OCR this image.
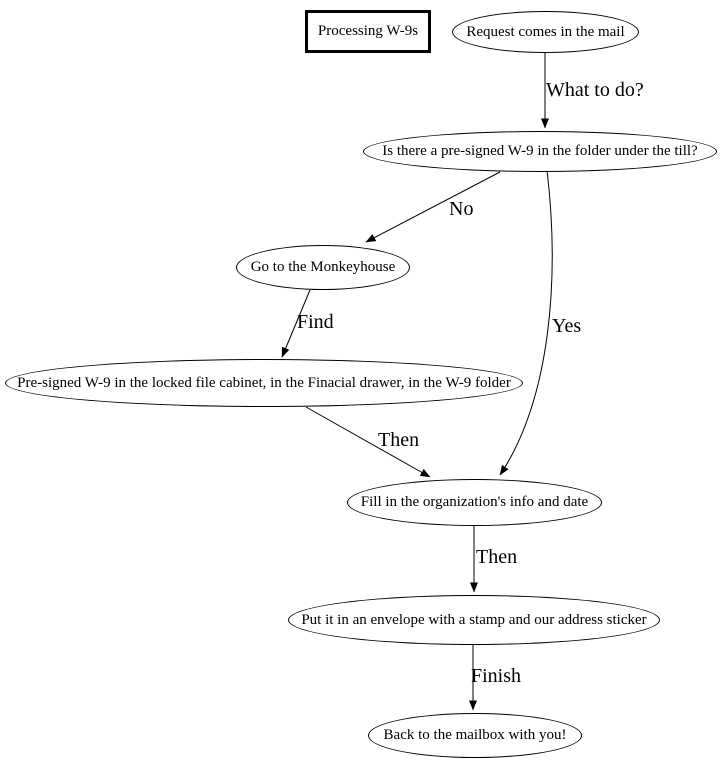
Processing W-9s	Request comes in the mail
Is there a pre-signed W-9 in the folder under the till?
Go to the Monkeyhouse
Pre-signed W-9 in the locked file cabinet, in the Finacial drawer, in the W-9 folder
Fill in the organization's info and date
Put it in an envelope with a stamp and our address sticker
Back to the mailbox with you!
What to do?
No
Yes
Find
Then
Then
Finish
